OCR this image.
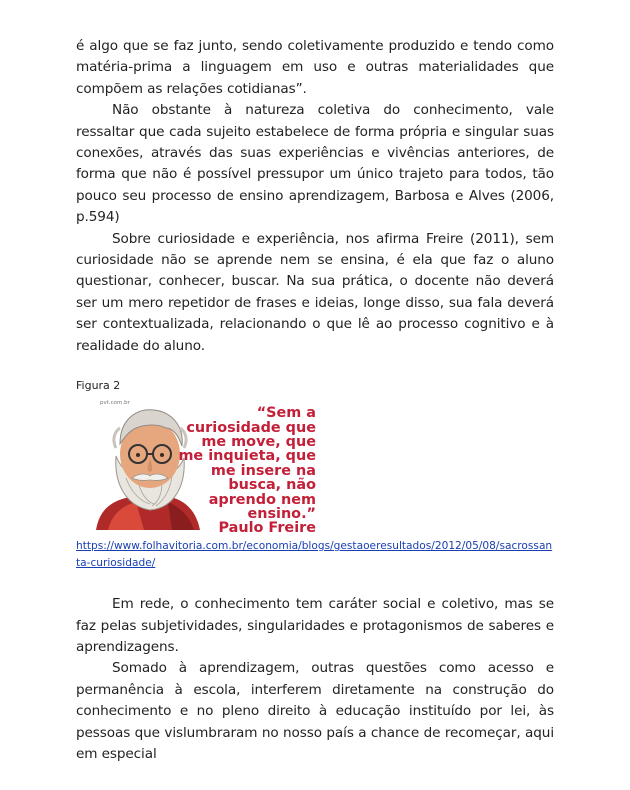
é algo que se faz junto, sendo coletivamente produzido e tendo como matéria-prima a linguagem em uso e outras materialidades que compõem as relações cotidianas”.

Não obstante à natureza coletiva do conhecimento, vale ressaltar que cada sujeito estabelece de forma própria e singular suas conexões, através das suas experiências e vivências anteriores, de forma que não é possível pressupor um único trajeto para todos, tão pouco seu processo de ensino aprendizagem, Barbosa e Alves (2006, p.594)

Sobre curiosidade e experiência, nos afirma Freire (2011), sem curiosidade não se aprende nem se ensina, é ela que faz o aluno questionar, conhecer, buscar. Na sua prática, o docente não deverá ser um mero repetidor de frases e ideias, longe disso, sua fala deverá ser contextualizada, relacionando o que lê ao processo cognitivo e à realidade do aluno.

Figura 2
pvt.com.br
“Sem a
curiosidade que
me move, que
me inquieta, que
me insere na
busca, não
aprendo nem
ensino.”
Paulo Freire
https://www.folhavitoria.com.br/economia/blogs/gestaoeresultados/2012/05/08/sacrossanta-curiosidade/

Em rede, o conhecimento tem caráter social e coletivo, mas se faz pelas subjetividades, singularidades e protagonismos de saberes e aprendizagens.

Somado à aprendizagem, outras questões como acesso e permanência à escola, interferem diretamente na construção do conhecimento e no pleno direito à educação instituído por lei, às pessoas que vislumbraram no nosso país a chance de recomeçar, aqui em especial
